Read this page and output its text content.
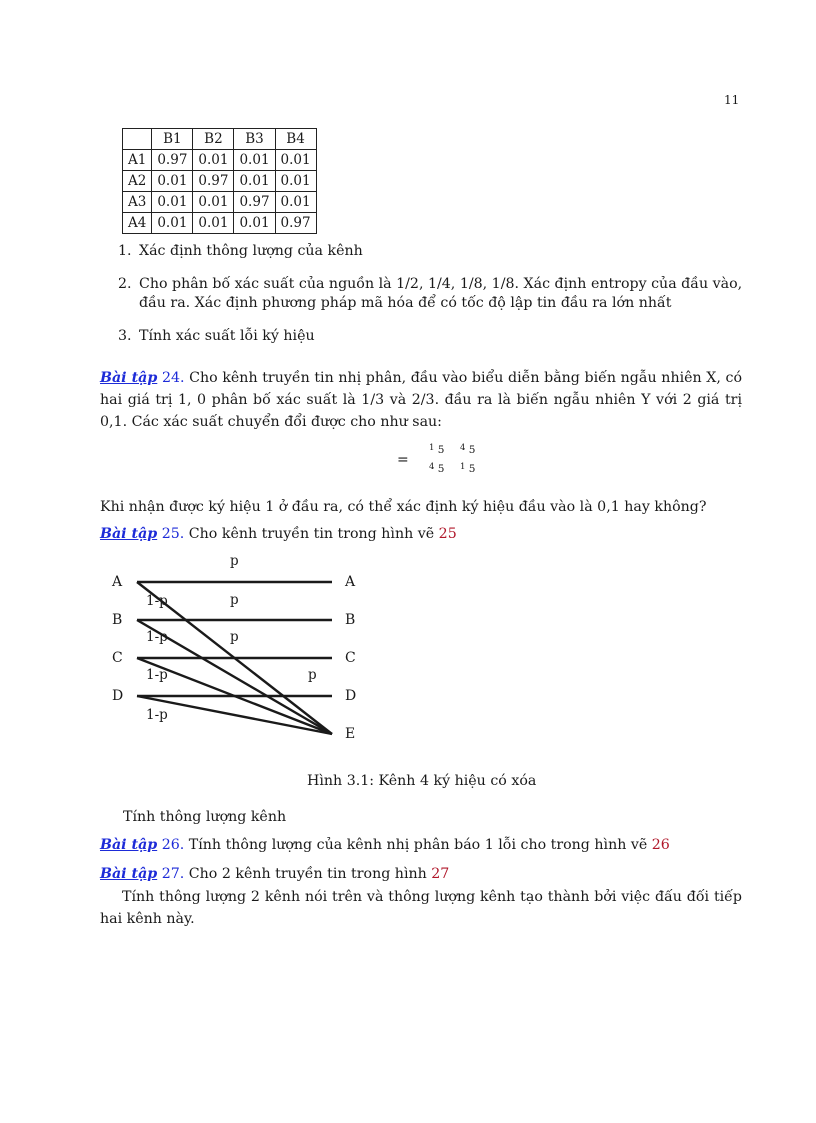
11
	B1	B2	B3	B4
A1	0.97	0.01	0.01	0.01
A2	0.01	0.97	0.01	0.01
A3	0.01	0.01	0.97	0.01
A4	0.01	0.01	0.01	0.97
1. Xác định thông lượng của kênh
2. Cho phân bố xác suất của nguồn là 1/2, 1/4, 1/8, 1/8. Xác định entropy của đầu vào, đầu ra. Xác định phương pháp mã hóa để có tốc độ lập tin đầu ra lớn nhất
3. Tính xác suất lỗi ký hiệu
Bài tập 24. Cho kênh truyền tin nhị phân, đầu vào biểu diễn bằng biến ngẫu nhiên X, có hai giá trị 1, 0 phân bố xác suất là 1/3 và 2/3. đầu ra là biến ngẫu nhiên Y với 2 giá trị 0,1. Các xác suất chuyển đổi được cho như sau:
=
$^1$ 5 $^4$ 5
$^4$ 5 $^1$ 5
Khi nhận được ký hiệu 1 ở đầu ra, có thể xác định ký hiệu đầu vào là 0,1 hay không?
Bài tập 25. Cho kênh truyền tin trong hình vẽ 25
A
B
C
D
A
B
C
D
E
p
p
p
p
1-p
1-p
1-p
1-p
Hình 3.1: Kênh 4 ký hiệu có xóa
Tính thông lượng kênh
Bài tập 26. Tính thông lượng của kênh nhị phân báo 1 lỗi cho trong hình vẽ 26
Bài tập 27. Cho 2 kênh truyền tin trong hình 27
Tính thông lượng 2 kênh nói trên và thông lượng kênh tạo thành bởi việc đấu đối tiếp hai kênh này.
